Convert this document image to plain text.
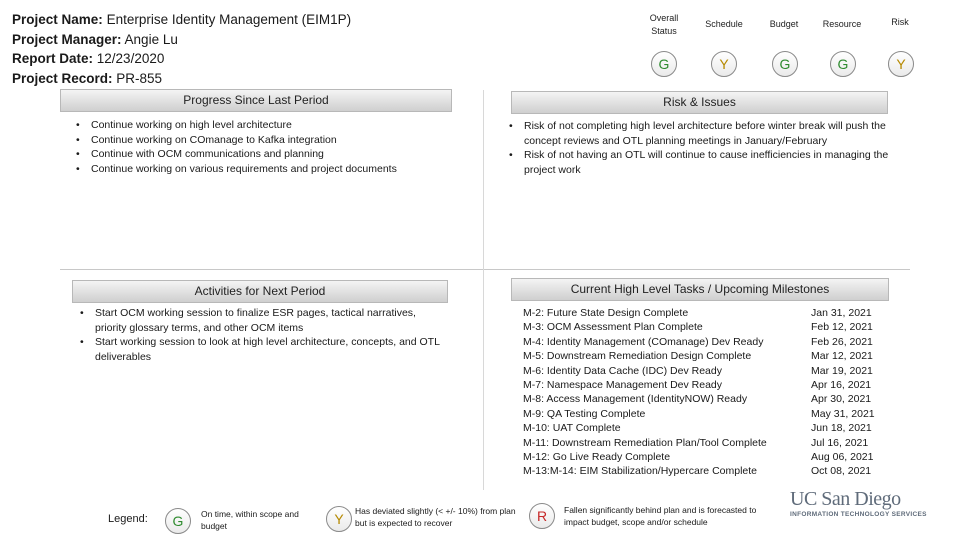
Project Name: Enterprise Identity Management (EIM1P)
Project Manager: Angie Lu
Report Date: 12/23/2020
Project Record: PR-855
Overall Status
Schedule	Budget	Resource	Risk
G	Y	G	G	Y
Progress Since Last Period
• Continue working on high level architecture
• Continue working on COmanage to Kafka integration
• Continue with OCM communications and planning
• Continue working on various requirements and project documents
Risk & Issues
• Risk of not completing high level architecture before winter break will push the concept reviews and OTL planning meetings in January/February
• Risk of not having an OTL will continue to cause inefficiencies in managing the project work
Activities for Next Period
• Start OCM working session to finalize ESR pages, tactical narratives, priority glossary terms, and other OCM items
• Start working session to look at high level architecture, concepts, and OTL deliverables
Current High Level Tasks / Upcoming Milestones
M-2: Future State Design Complete	Jan 31, 2021
M-3: OCM Assessment Plan Complete	Feb 12, 2021
M-4: Identity Management (COmanage) Dev Ready	Feb 26, 2021
M-5: Downstream Remediation Design Complete	Mar 12, 2021
M-6: Identity Data Cache (IDC) Dev Ready	Mar 19, 2021
M-7: Namespace Management Dev Ready	Apr 16, 2021
M-8: Access Management (IdentityNOW) Ready	Apr 30, 2021
M-9: QA Testing Complete	May 31, 2021
M-10: UAT Complete	Jun 18, 2021
M-11: Downstream Remediation Plan/Tool Complete	Jul 16, 2021
M-12: Go Live Ready Complete	Aug 06, 2021
M-13:M-14: EIM Stabilization/Hypercare Complete	Oct 08, 2021
Legend:	G	On time, within scope and budget	Y	Has deviated slightly (< +/- 10%) from plan but is expected to recover	R	Fallen significantly behind plan and is forecasted to impact budget, scope and/or schedule
UC San Diego
INFORMATION TECHNOLOGY SERVICES
